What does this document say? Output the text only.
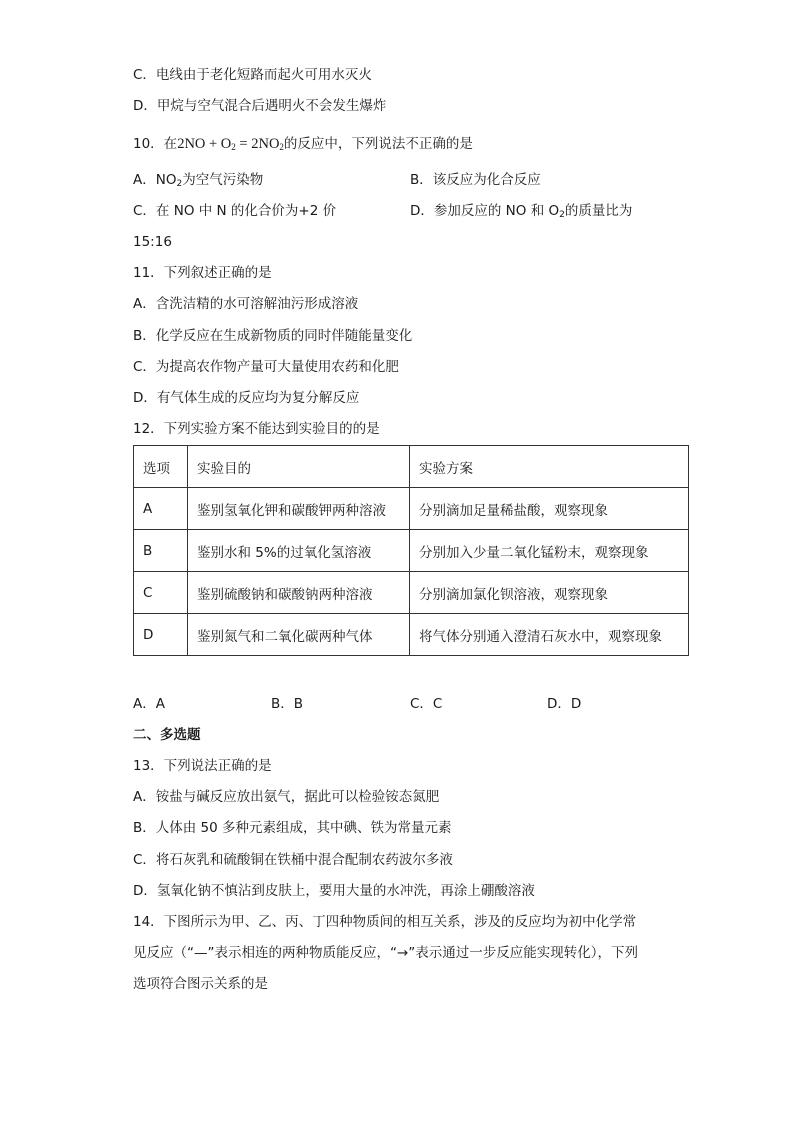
C．电线由于老化短路而起火可用水灭火
D．甲烷与空气混合后遇明火不会发生爆炸
10．在$2NO + O_2 = 2NO_2$的反应中，下列说法不正确的是
A．$NO_2$为空气污染物	B．该反应为化合反应
C．在 NO 中 N 的化合价为+2 价	D．参加反应的 NO 和 $O_2$的质量比为
15:16
11．下列叙述正确的是
A．含洗洁精的水可溶解油污形成溶液
B．化学反应在生成新物质的同时伴随能量变化
C．为提高农作物产量可大量使用农药和化肥
D．有气体生成的反应均为复分解反应
12．下列实验方案不能达到实验目的的是
选项	实验目的	实验方案
A	鉴别氢氧化钾和碳酸钾两种溶液	分别滴加足量稀盐酸，观察现象
B	鉴别水和 5%的过氧化氢溶液	分别加入少量二氧化锰粉末，观察现象
C	鉴别硫酸钠和碳酸钠两种溶液	分别滴加氯化钡溶液，观察现象
D	鉴别氮气和二氧化碳两种气体	将气体分别通入澄清石灰水中，观察现象
A．A	B．B	C．C	D．D
二、多选题
13．下列说法正确的是
A．铵盐与碱反应放出氨气，据此可以检验铵态氮肥
B．人体由 50 多种元素组成，其中碘、铁为常量元素
C．将石灰乳和硫酸铜在铁桶中混合配制农药波尔多液
D．氢氧化钠不慎沾到皮肤上，要用大量的水冲洗，再涂上硼酸溶液
14．下图所示为甲、乙、丙、丁四种物质间的相互关系，涉及的反应均为初中化学常
见反应（“—”表示相连的两种物质能反应，“→”表示通过一步反应能实现转化），下列
选项符合图示关系的是
